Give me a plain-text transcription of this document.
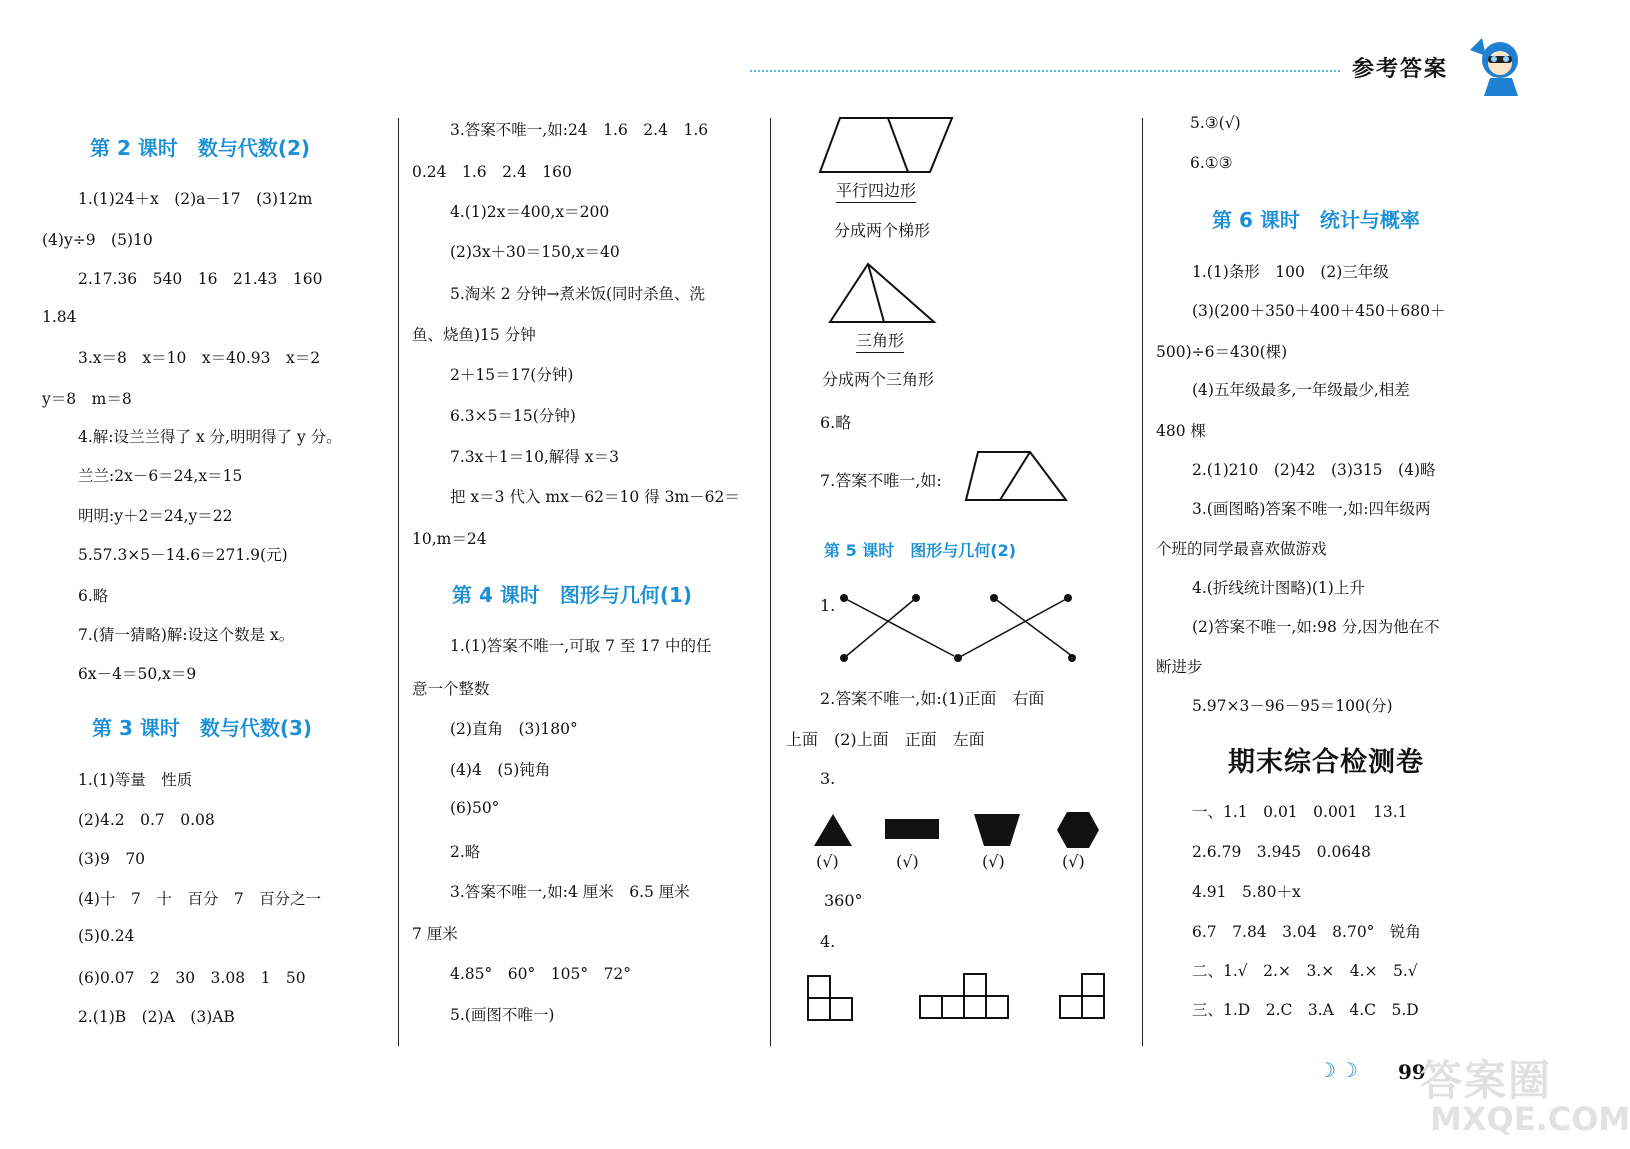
参考答案
第 2 课时　数与代数(2)
1.(1)24＋x　(2)a－17　(3)12m
(4)y÷9　(5)10
2.17.36　540　16　21.43　160
1.84
3.x＝8　x＝10　x＝40.93　x＝2
y＝8　m＝8
4.解:设兰兰得了 x 分,明明得了 y 分。
兰兰:2x－6＝24,x＝15
明明:y＋2＝24,y＝22
5.57.3×5－14.6＝271.9(元)
6.略
7.(猜一猜略)解:设这个数是 x。
6x－4＝50,x＝9
第 3 课时　数与代数(3)
1.(1)等量　性质
(2)4.2　0.7　0.08
(3)9　70
(4)十　7　十　百分　7　百分之一
(5)0.24
(6)0.07　2　30　3.08　1　50
2.(1)B　(2)A　(3)AB
3.答案不唯一,如:24　1.6　2.4　1.6
0.24　1.6　2.4　160
4.(1)2x＝400,x＝200
(2)3x＋30＝150,x＝40
5.淘米 2 分钟→煮米饭(同时杀鱼、洗
鱼、烧鱼)15 分钟
2＋15＝17(分钟)
6.3×5＝15(分钟)
7.3x＋1＝10,解得 x＝3
把 x＝3 代入 mx－62＝10 得 3m－62＝
10,m＝24
第 4 课时　图形与几何(1)
1.(1)答案不唯一,可取 7 至 17 中的任
意一个整数
(2)直角　(3)180°
(4)4　(5)钝角
(6)50°
2.略
3.答案不唯一,如:4 厘米　6.5 厘米
7 厘米
4.85°　60°　105°　72°
5.(画图不唯一)
平行四边形
分成两个梯形
三角形
分成两个三角形
6.略
7.答案不唯一,如:
第 5 课时　图形与几何(2)
1.
2.答案不唯一,如:(1)正面　右面
上面　(2)上面　正面　左面
3.
(√)	(√)	(√)	(√)
360°
4.
5.③(√)
6.①③
第 6 课时　统计与概率
1.(1)条形　100　(2)三年级
(3)(200＋350＋400＋450＋680＋
500)÷6＝430(棵)
(4)五年级最多,一年级最少,相差
480 棵
2.(1)210　(2)42　(3)315　(4)略
3.(画图略)答案不唯一,如:四年级两
个班的同学最喜欢做游戏
4.(折线统计图略)(1)上升
(2)答案不唯一,如:98 分,因为他在不
断进步
5.97×3－96－95＝100(分)
期末综合检测卷
一、1.1　0.01　0.001　13.1
2.6.79　3.945　0.0648
4.91　5.80＋x
6.7　7.84　3.04　8.70°　锐角
二、1.√　2.×　3.×　4.×　5.√
三、1.D　2.C　3.A　4.C　5.D
☽ ☽ 99
答案圈
MXQE.COM
